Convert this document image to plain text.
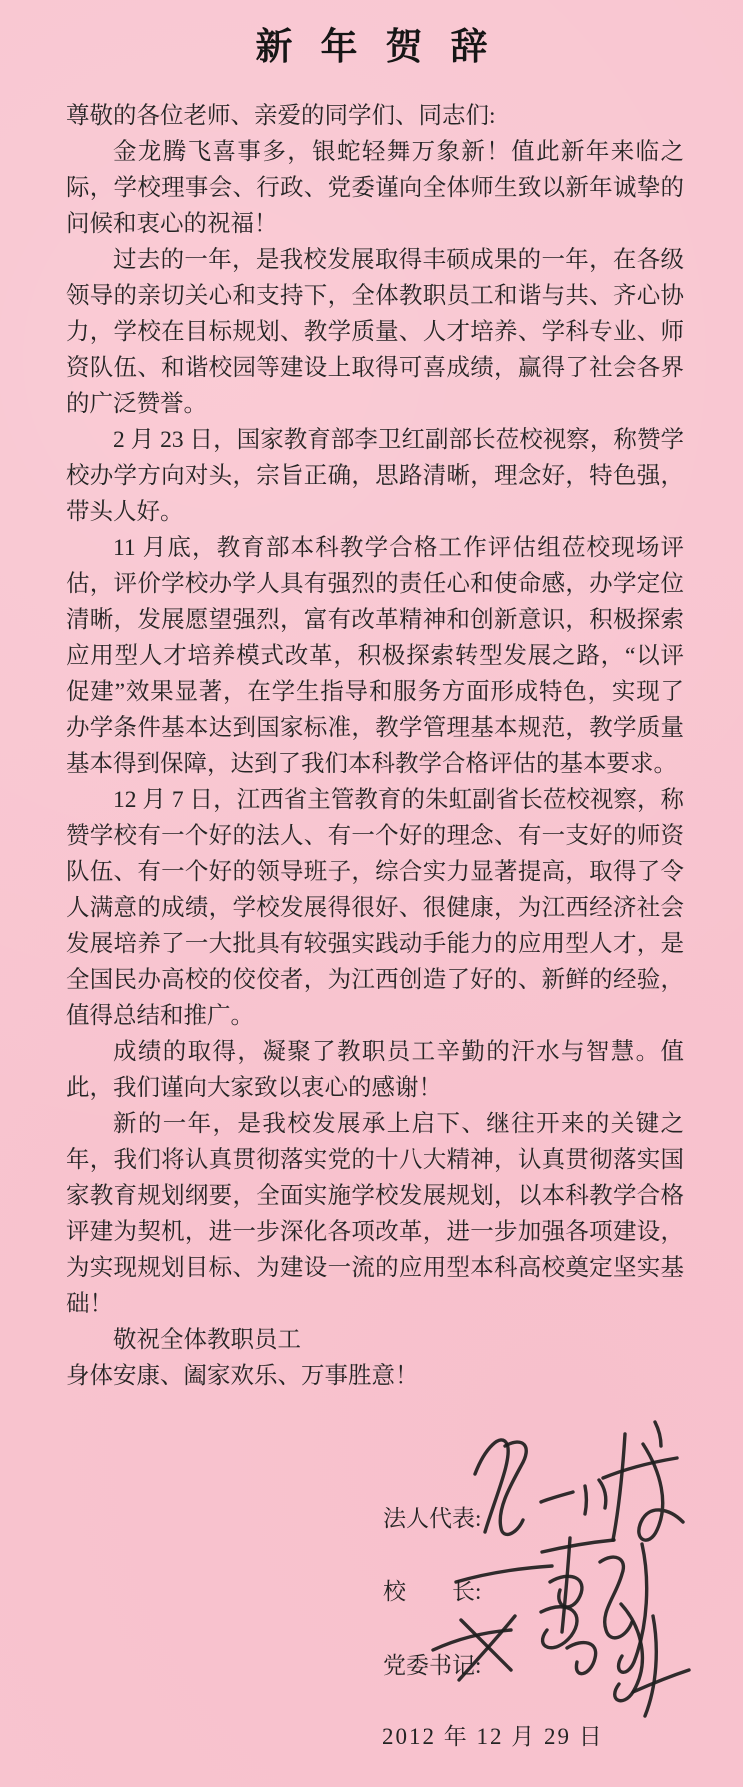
新年贺辞

尊敬的各位老师、亲爱的同学们、同志们:

金龙腾飞喜事多，银蛇轻舞万象新！值此新年来临之际，学校理事会、行政、党委谨向全体师生致以新年诚挚的问候和衷心的祝福！

过去的一年，是我校发展取得丰硕成果的一年，在各级领导的亲切关心和支持下，全体教职员工和谐与共、齐心协力，学校在目标规划、教学质量、人才培养、学科专业、师资队伍、和谐校园等建设上取得可喜成绩，赢得了社会各界的广泛赞誉。

2 月 23 日，国家教育部李卫红副部长莅校视察，称赞学校办学方向对头，宗旨正确，思路清晰，理念好，特色强，带头人好。

11 月底，教育部本科教学合格工作评估组莅校现场评估，评价学校办学人具有强烈的责任心和使命感，办学定位清晰，发展愿望强烈，富有改革精神和创新意识，积极探索应用型人才培养模式改革，积极探索转型发展之路，“以评促建”效果显著，在学生指导和服务方面形成特色，实现了办学条件基本达到国家标准，教学管理基本规范，教学质量基本得到保障，达到了我们本科教学合格评估的基本要求。

12 月 7 日，江西省主管教育的朱虹副省长莅校视察，称赞学校有一个好的法人、有一个好的理念、有一支好的师资队伍、有一个好的领导班子，综合实力显著提高，取得了令人满意的成绩，学校发展得很好、很健康，为江西经济社会发展培养了一大批具有较强实践动手能力的应用型人才，是全国民办高校的佼佼者，为江西创造了好的、新鲜的经验，值得总结和推广。

成绩的取得，凝聚了教职员工辛勤的汗水与智慧。值此，我们谨向大家致以衷心的感谢！

新的一年，是我校发展承上启下、继往开来的关键之年，我们将认真贯彻落实党的十八大精神，认真贯彻落实国家教育规划纲要，全面实施学校发展规划，以本科教学合格评建为契机，进一步深化各项改革，进一步加强各项建设，为实现规划目标、为建设一流的应用型本科高校奠定坚实基础！

敬祝全体教职员工

身体安康、阖家欢乐、万事胜意！

法人代表:
校　　长:
党委书记:
2012 年 12 月 29 日
